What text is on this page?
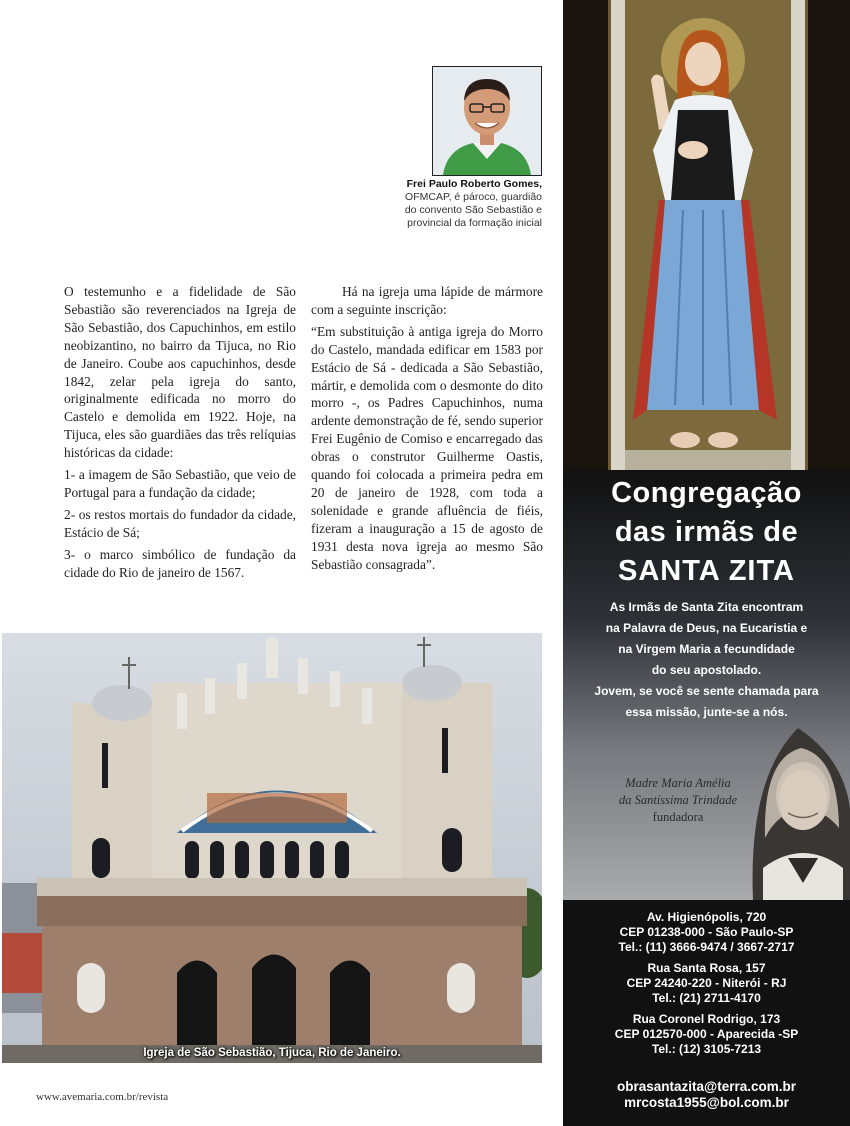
Frei Paulo Roberto Gomes,
OFMCAP, é pároco, guardião
do convento São Sebastião e
provincial da formação inicial

O testemunho e a fidelidade de São Sebastião são reverenciados na Igreja de São Sebastião, dos Capuchinhos, em estilo neobizantino, no bairro da Tijuca, no Rio de Janeiro. Coube aos capuchinhos, desde 1842, zelar pela igreja do santo, originalmente edificada no morro do Castelo e demolida em 1922. Hoje, na Tijuca, eles são guardiães das três relíquias históricas da cidade:

1- a imagem de São Sebastião, que veio de Portugal para a fundação da cidade;

2- os restos mortais do fundador da cidade, Estácio de Sá;

3- o marco simbólico de fundação da cidade do Rio de janeiro de 1567.

Há na igreja uma lápide de mármore com a seguinte inscrição:

“Em substituição à antiga igreja do Morro do Castelo, mandada edificar em 1583 por Estácio de Sá - dedicada a São Sebastião, mártir, e demolida com o desmonte do dito morro -, os Padres Capuchinhos, numa ardente demonstração de fé, sendo superior Frei Eugênio de Comiso e encarregado das obras o construtor Guilherme Oastis, quando foi colocada a primeira pedra em 20 de janeiro de 1928, com toda a solenidade e grande afluência de fiéis, fizeram a inauguração a 15 de agosto de 1931 desta nova igreja ao mesmo São Sebastião consagrada”.

Igreja de São Sebastião, Tijuca, Rio de Janeiro.
www.avemaria.com.br/revista
Congregação
das irmãs de
SANTA ZITA
As Irmãs de Santa Zita encontram
na Palavra de Deus, na Eucaristia e
na Virgem Maria a fecundidade
do seu apostolado.
Jovem, se você se sente chamada para
essa missão, junte-se a nós.
Madre Maria Amélia
da Santíssima Trindade
fundadora
Av. Higienópolis, 720
CEP 01238-000 - São Paulo-SP
Tel.: (11) 3666-9474 / 3667-2717
Rua Santa Rosa, 157
CEP 24240-220 - Niterói - RJ
Tel.: (21) 2711-4170
Rua Coronel Rodrigo, 173
CEP 012570-000 - Aparecida -SP
Tel.: (12) 3105-7213
obrasantazita@terra.com.br
mrcosta1955@bol.com.br
